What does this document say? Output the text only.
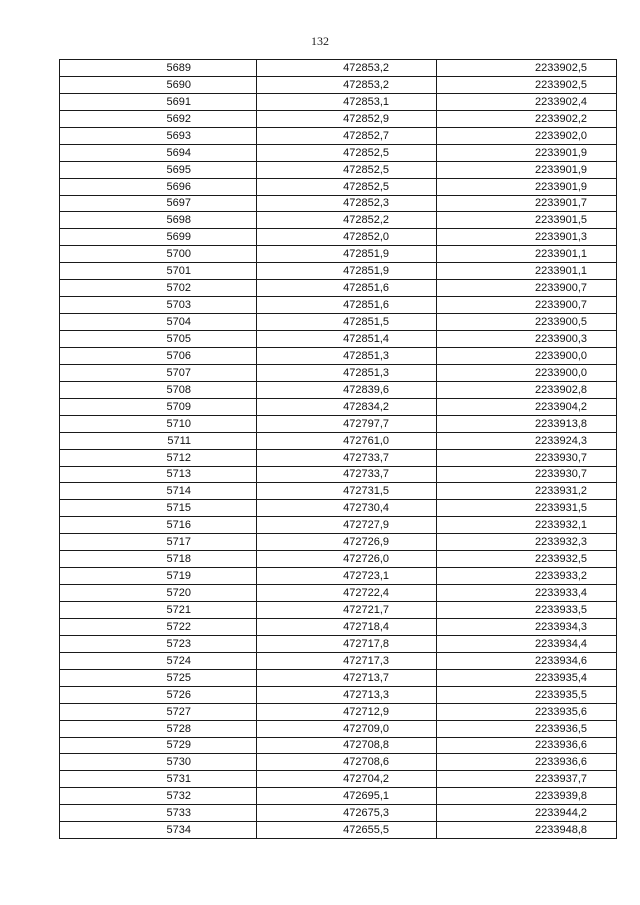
132
5689	472853,2	2233902,5
5690	472853,2	2233902,5
5691	472853,1	2233902,4
5692	472852,9	2233902,2
5693	472852,7	2233902,0
5694	472852,5	2233901,9
5695	472852,5	2233901,9
5696	472852,5	2233901,9
5697	472852,3	2233901,7
5698	472852,2	2233901,5
5699	472852,0	2233901,3
5700	472851,9	2233901,1
5701	472851,9	2233901,1
5702	472851,6	2233900,7
5703	472851,6	2233900,7
5704	472851,5	2233900,5
5705	472851,4	2233900,3
5706	472851,3	2233900,0
5707	472851,3	2233900,0
5708	472839,6	2233902,8
5709	472834,2	2233904,2
5710	472797,7	2233913,8
5711	472761,0	2233924,3
5712	472733,7	2233930,7
5713	472733,7	2233930,7
5714	472731,5	2233931,2
5715	472730,4	2233931,5
5716	472727,9	2233932,1
5717	472726,9	2233932,3
5718	472726,0	2233932,5
5719	472723,1	2233933,2
5720	472722,4	2233933,4
5721	472721,7	2233933,5
5722	472718,4	2233934,3
5723	472717,8	2233934,4
5724	472717,3	2233934,6
5725	472713,7	2233935,4
5726	472713,3	2233935,5
5727	472712,9	2233935,6
5728	472709,0	2233936,5
5729	472708,8	2233936,6
5730	472708,6	2233936,6
5731	472704,2	2233937,7
5732	472695,1	2233939,8
5733	472675,3	2233944,2
5734	472655,5	2233948,8
